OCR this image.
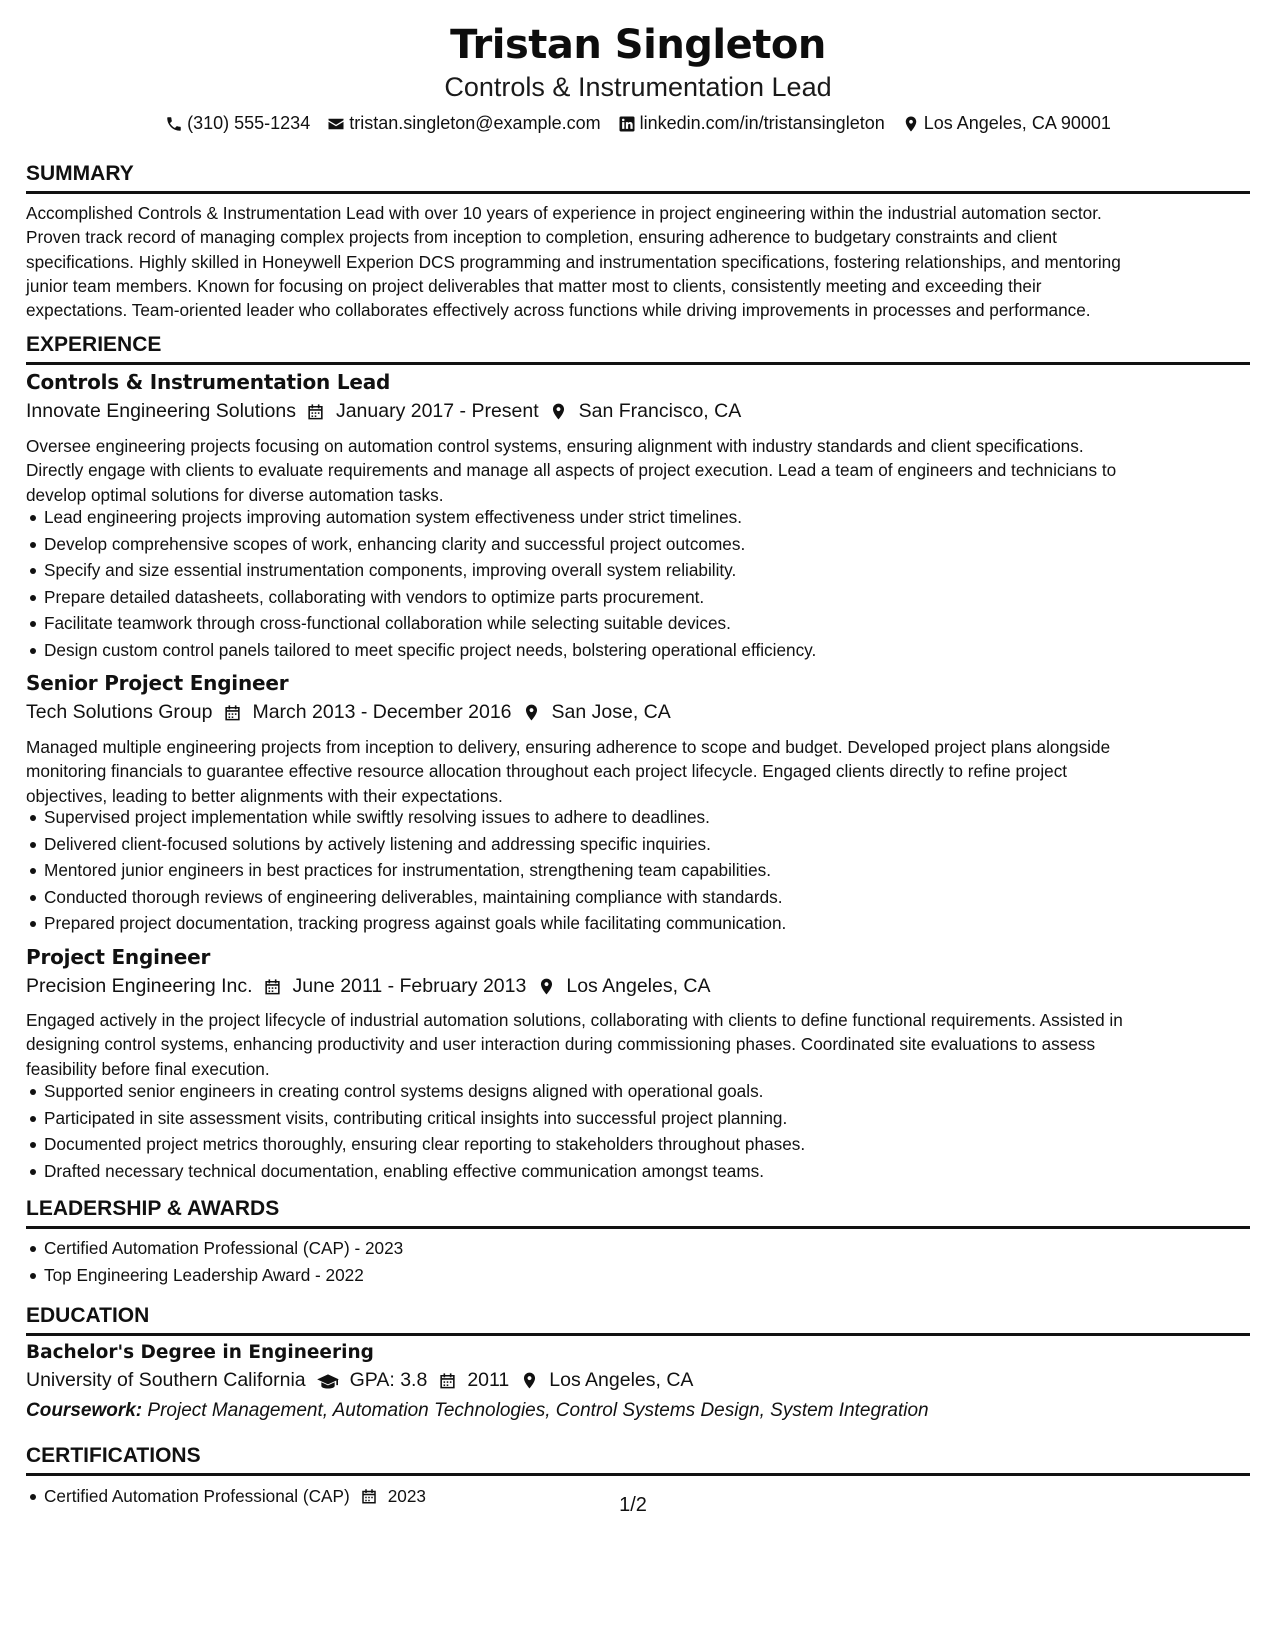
Tristan Singleton
Controls & Instrumentation Lead
(310) 555-1234 tristan.singleton@example.com linkedin.com/in/tristansingleton Los Angeles, CA 90001
SUMMARY
Accomplished Controls & Instrumentation Lead with over 10 years of experience in project engineering within the industrial automation sector.
Proven track record of managing complex projects from inception to completion, ensuring adherence to budgetary constraints and client
specifications. Highly skilled in Honeywell Experion DCS programming and instrumentation specifications, fostering relationships, and mentoring
junior team members. Known for focusing on project deliverables that matter most to clients, consistently meeting and exceeding their
expectations. Team-oriented leader who collaborates effectively across functions while driving improvements in processes and performance.
EXPERIENCE
Controls & Instrumentation Lead
Innovate Engineering Solutions January 2017 - Present San Francisco, CA
Oversee engineering projects focusing on automation control systems, ensuring alignment with industry standards and client specifications.
Directly engage with clients to evaluate requirements and manage all aspects of project execution. Lead a team of engineers and technicians to
develop optimal solutions for diverse automation tasks.
Lead engineering projects improving automation system effectiveness under strict timelines.
Develop comprehensive scopes of work, enhancing clarity and successful project outcomes.
Specify and size essential instrumentation components, improving overall system reliability.
Prepare detailed datasheets, collaborating with vendors to optimize parts procurement.
Facilitate teamwork through cross-functional collaboration while selecting suitable devices.
Design custom control panels tailored to meet specific project needs, bolstering operational efficiency.
Senior Project Engineer
Tech Solutions Group March 2013 - December 2016 San Jose, CA
Managed multiple engineering projects from inception to delivery, ensuring adherence to scope and budget. Developed project plans alongside
monitoring financials to guarantee effective resource allocation throughout each project lifecycle. Engaged clients directly to refine project
objectives, leading to better alignments with their expectations.
Supervised project implementation while swiftly resolving issues to adhere to deadlines.
Delivered client-focused solutions by actively listening and addressing specific inquiries.
Mentored junior engineers in best practices for instrumentation, strengthening team capabilities.
Conducted thorough reviews of engineering deliverables, maintaining compliance with standards.
Prepared project documentation, tracking progress against goals while facilitating communication.
Project Engineer
Precision Engineering Inc. June 2011 - February 2013 Los Angeles, CA
Engaged actively in the project lifecycle of industrial automation solutions, collaborating with clients to define functional requirements. Assisted in
designing control systems, enhancing productivity and user interaction during commissioning phases. Coordinated site evaluations to assess
feasibility before final execution.
Supported senior engineers in creating control systems designs aligned with operational goals.
Participated in site assessment visits, contributing critical insights into successful project planning.
Documented project metrics thoroughly, ensuring clear reporting to stakeholders throughout phases.
Drafted necessary technical documentation, enabling effective communication amongst teams.
LEADERSHIP & AWARDS
Certified Automation Professional (CAP) - 2023
Top Engineering Leadership Award - 2022
EDUCATION
Bachelor's Degree in Engineering
University of Southern California GPA: 3.8 2011 Los Angeles, CA
Coursework: Project Management, Automation Technologies, Control Systems Design, System Integration
CERTIFICATIONS
Certified Automation Professional (CAP) 2023	1/2
